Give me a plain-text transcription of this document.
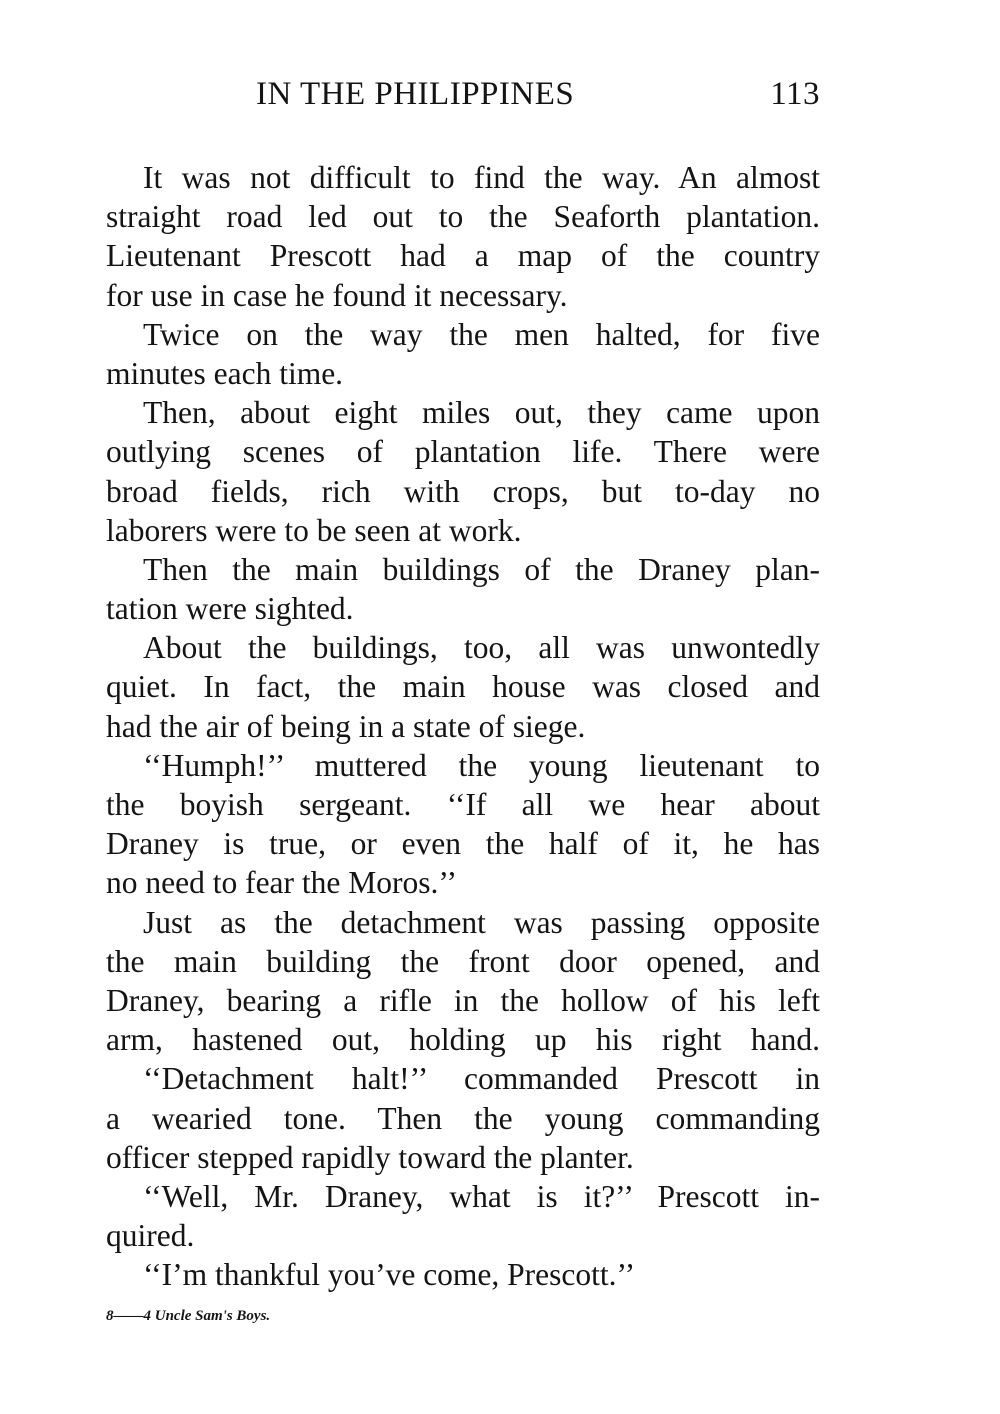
IN THE PHILIPPINES	113
It was not difficult to find the way. An almost
straight road led out to the Seaforth plantation.
Lieutenant Prescott had a map of the country
for use in case he found it necessary.
Twice on the way the men halted, for five
minutes each time.
Then, about eight miles out, they came upon
outlying scenes of plantation life. There were
broad fields, rich with crops, but to-day no
laborers were to be seen at work.
Then the main buildings of the Draney plan-
tation were sighted.
About the buildings, too, all was unwontedly
quiet. In fact, the main house was closed and
had the air of being in a state of siege.
‘‘Humph!’’ muttered the young lieutenant to
the boyish sergeant. ‘‘If all we hear about
Draney is true, or even the half of it, he has
no need to fear the Moros.’’
Just as the detachment was passing opposite
the main building the front door opened, and
Draney, bearing a rifle in the hollow of his left
arm, hastened out, holding up his right hand.
‘‘Detachment halt!’’ commanded Prescott in
a wearied tone. Then the young commanding
officer stepped rapidly toward the planter.
‘‘Well, Mr. Draney, what is it?’’ Prescott in-
quired.
‘‘I’m thankful you’ve come, Prescott.’’
8——4 Uncle Sam's Boys.
